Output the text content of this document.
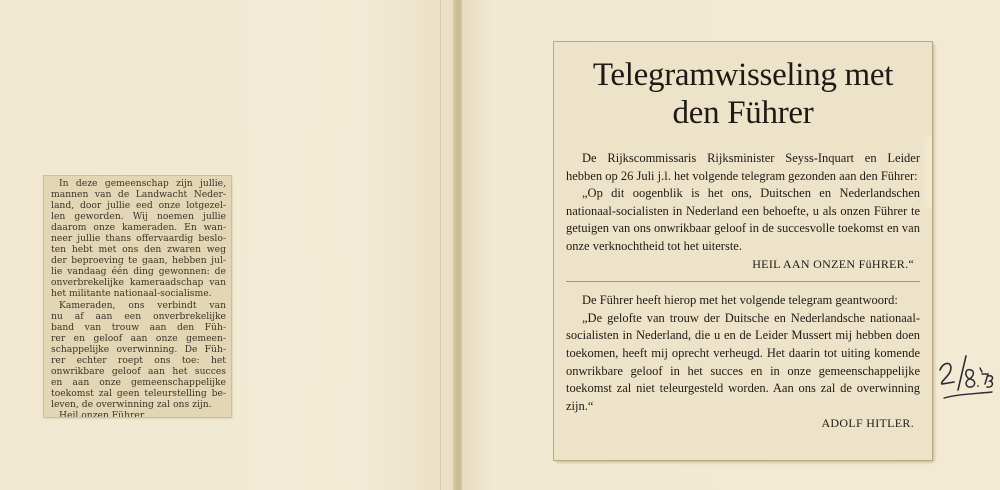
In deze gemeenschap zijn jullie,

mannen van de Landwacht Neder-

land, door jullie eed onze lotgezel-

len geworden. Wij noemen jullie

daarom onze kameraden. En wan-

neer jullie thans offervaardig beslo-

ten hebt met ons den zwaren weg

der beproeving te gaan, hebben jul-

lie vandaag één ding gewonnen: de

onverbrekelijke kameraadschap van

het militante nationaal-socialisme.

Kameraden, ons verbindt van

nu af aan een onverbrekelijke

band van trouw aan den Füh-

rer en geloof aan onze gemeen-

schappelijke overwinning. De Füh-

rer echter roept ons toe: het

onwrikbare geloof aan het succes

en aan onze gemeenschappelijke

toekomst zal geen teleurstelling be-

leven, de overwinning zal ons zijn.

Heil onzen Führer.

Telegramwisseling met den Führer

De Rijkscommissaris Rijksminister Seyss-Inquart en Leider hebben op 26 Juli j.l. het volgende telegram gezonden aan den Führer:

„Op dit oogenblik is het ons, Duitschen en Nederlandschen nationaal-socialisten in Nederland een behoefte, u als onzen Führer te getuigen van ons onwrikbaar geloof in de succesvolle toekomst en van onze verknochtheid tot het uiterste.

HEIL AAN ONZEN FüHRER.“

De Führer heeft hierop met het volgende telegram geantwoord:

„De gelofte van trouw der Duitsche en Nederlandsche nationaal-socialisten in Nederland, die u en de Leider Mussert mij hebben doen toekomen, heeft mij oprecht verheugd. Het daarin tot uiting komende onwrikbare geloof in het succes en in onze gemeenschappelijke toekomst zal niet teleurgesteld worden. Aan ons zal de overwinning zijn.“

ADOLF HITLER.
